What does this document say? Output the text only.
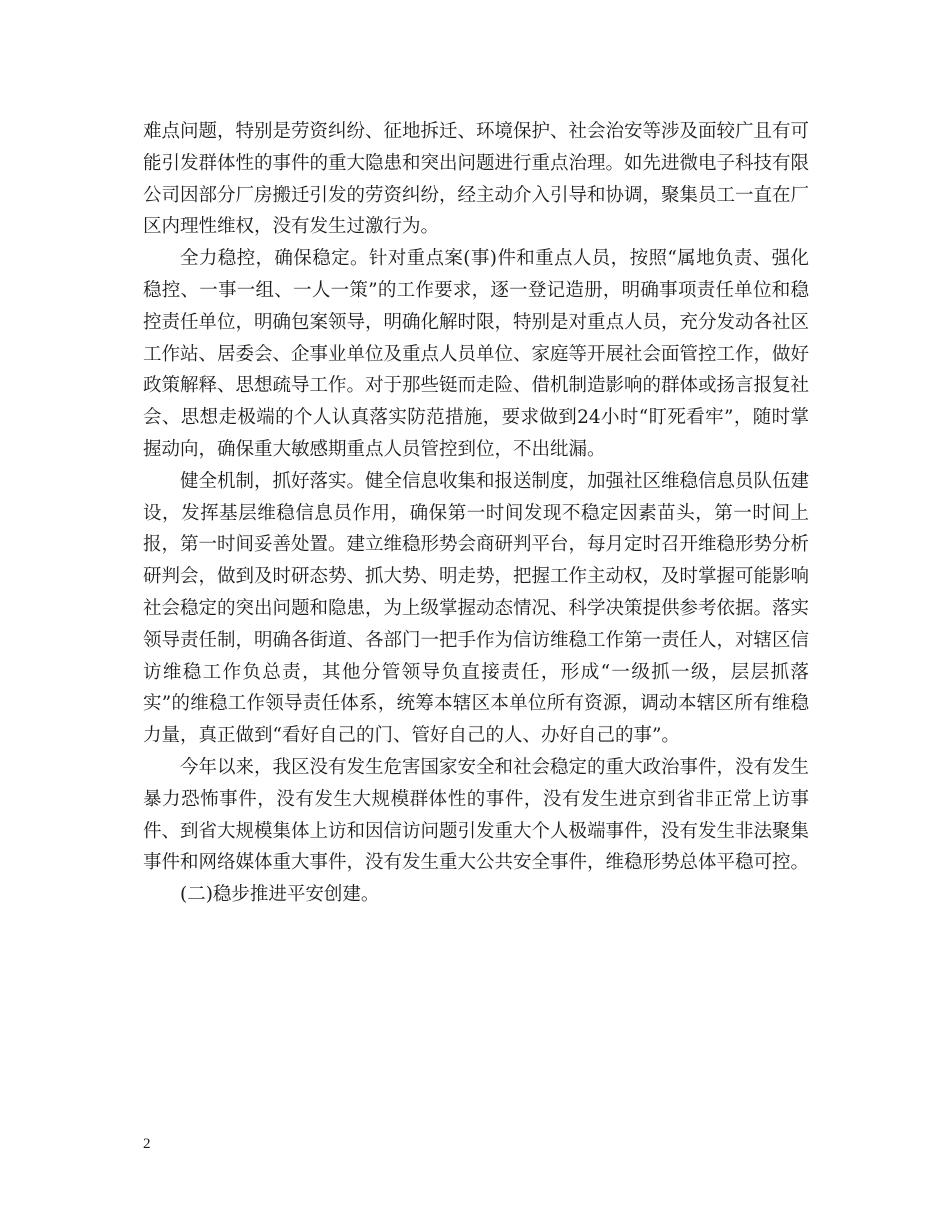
难点问题，特别是劳资纠纷、征地拆迁、环境保护、社会治安等涉及面较广且有可能引发群体性的事件的重大隐患和突出问题进行重点治理。如先进微电子科技有限公司因部分厂房搬迁引发的劳资纠纷，经主动介入引导和协调，聚集员工一直在厂区内理性维权，没有发生过激行为。

全力稳控，确保稳定。针对重点案(事)件和重点人员，按照“属地负责、强化稳控、一事一组、一人一策”的工作要求，逐一登记造册，明确事项责任单位和稳控责任单位，明确包案领导，明确化解时限，特别是对重点人员，充分发动各社区工作站、居委会、企事业单位及重点人员单位、家庭等开展社会面管控工作，做好政策解释、思想疏导工作。对于那些铤而走险、借机制造影响的群体或扬言报复社会、思想走极端的个人认真落实防范措施，要求做到24小时“盯死看牢”，随时掌握动向，确保重大敏感期重点人员管控到位，不出纰漏。

健全机制，抓好落实。健全信息收集和报送制度，加强社区维稳信息员队伍建设，发挥基层维稳信息员作用，确保第一时间发现不稳定因素苗头，第一时间上报，第一时间妥善处置。建立维稳形势会商研判平台，每月定时召开维稳形势分析研判会，做到及时研态势、抓大势、明走势，把握工作主动权，及时掌握可能影响社会稳定的突出问题和隐患，为上级掌握动态情况、科学决策提供参考依据。落实领导责任制，明确各街道、各部门一把手作为信访维稳工作第一责任人，对辖区信访维稳工作负总责，其他分管领导负直接责任，形成“一级抓一级，层层抓落实”的维稳工作领导责任体系，统筹本辖区本单位所有资源，调动本辖区所有维稳力量，真正做到“看好自己的门、管好自己的人、办好自己的事”。

今年以来，我区没有发生危害国家安全和社会稳定的重大政治事件，没有发生暴力恐怖事件，没有发生大规模群体性的事件，没有发生进京到省非正常上访事件、到省大规模集体上访和因信访问题引发重大个人极端事件，没有发生非法聚集事件和网络媒体重大事件，没有发生重大公共安全事件，维稳形势总体平稳可控。

(二)稳步推进平安创建。

2
